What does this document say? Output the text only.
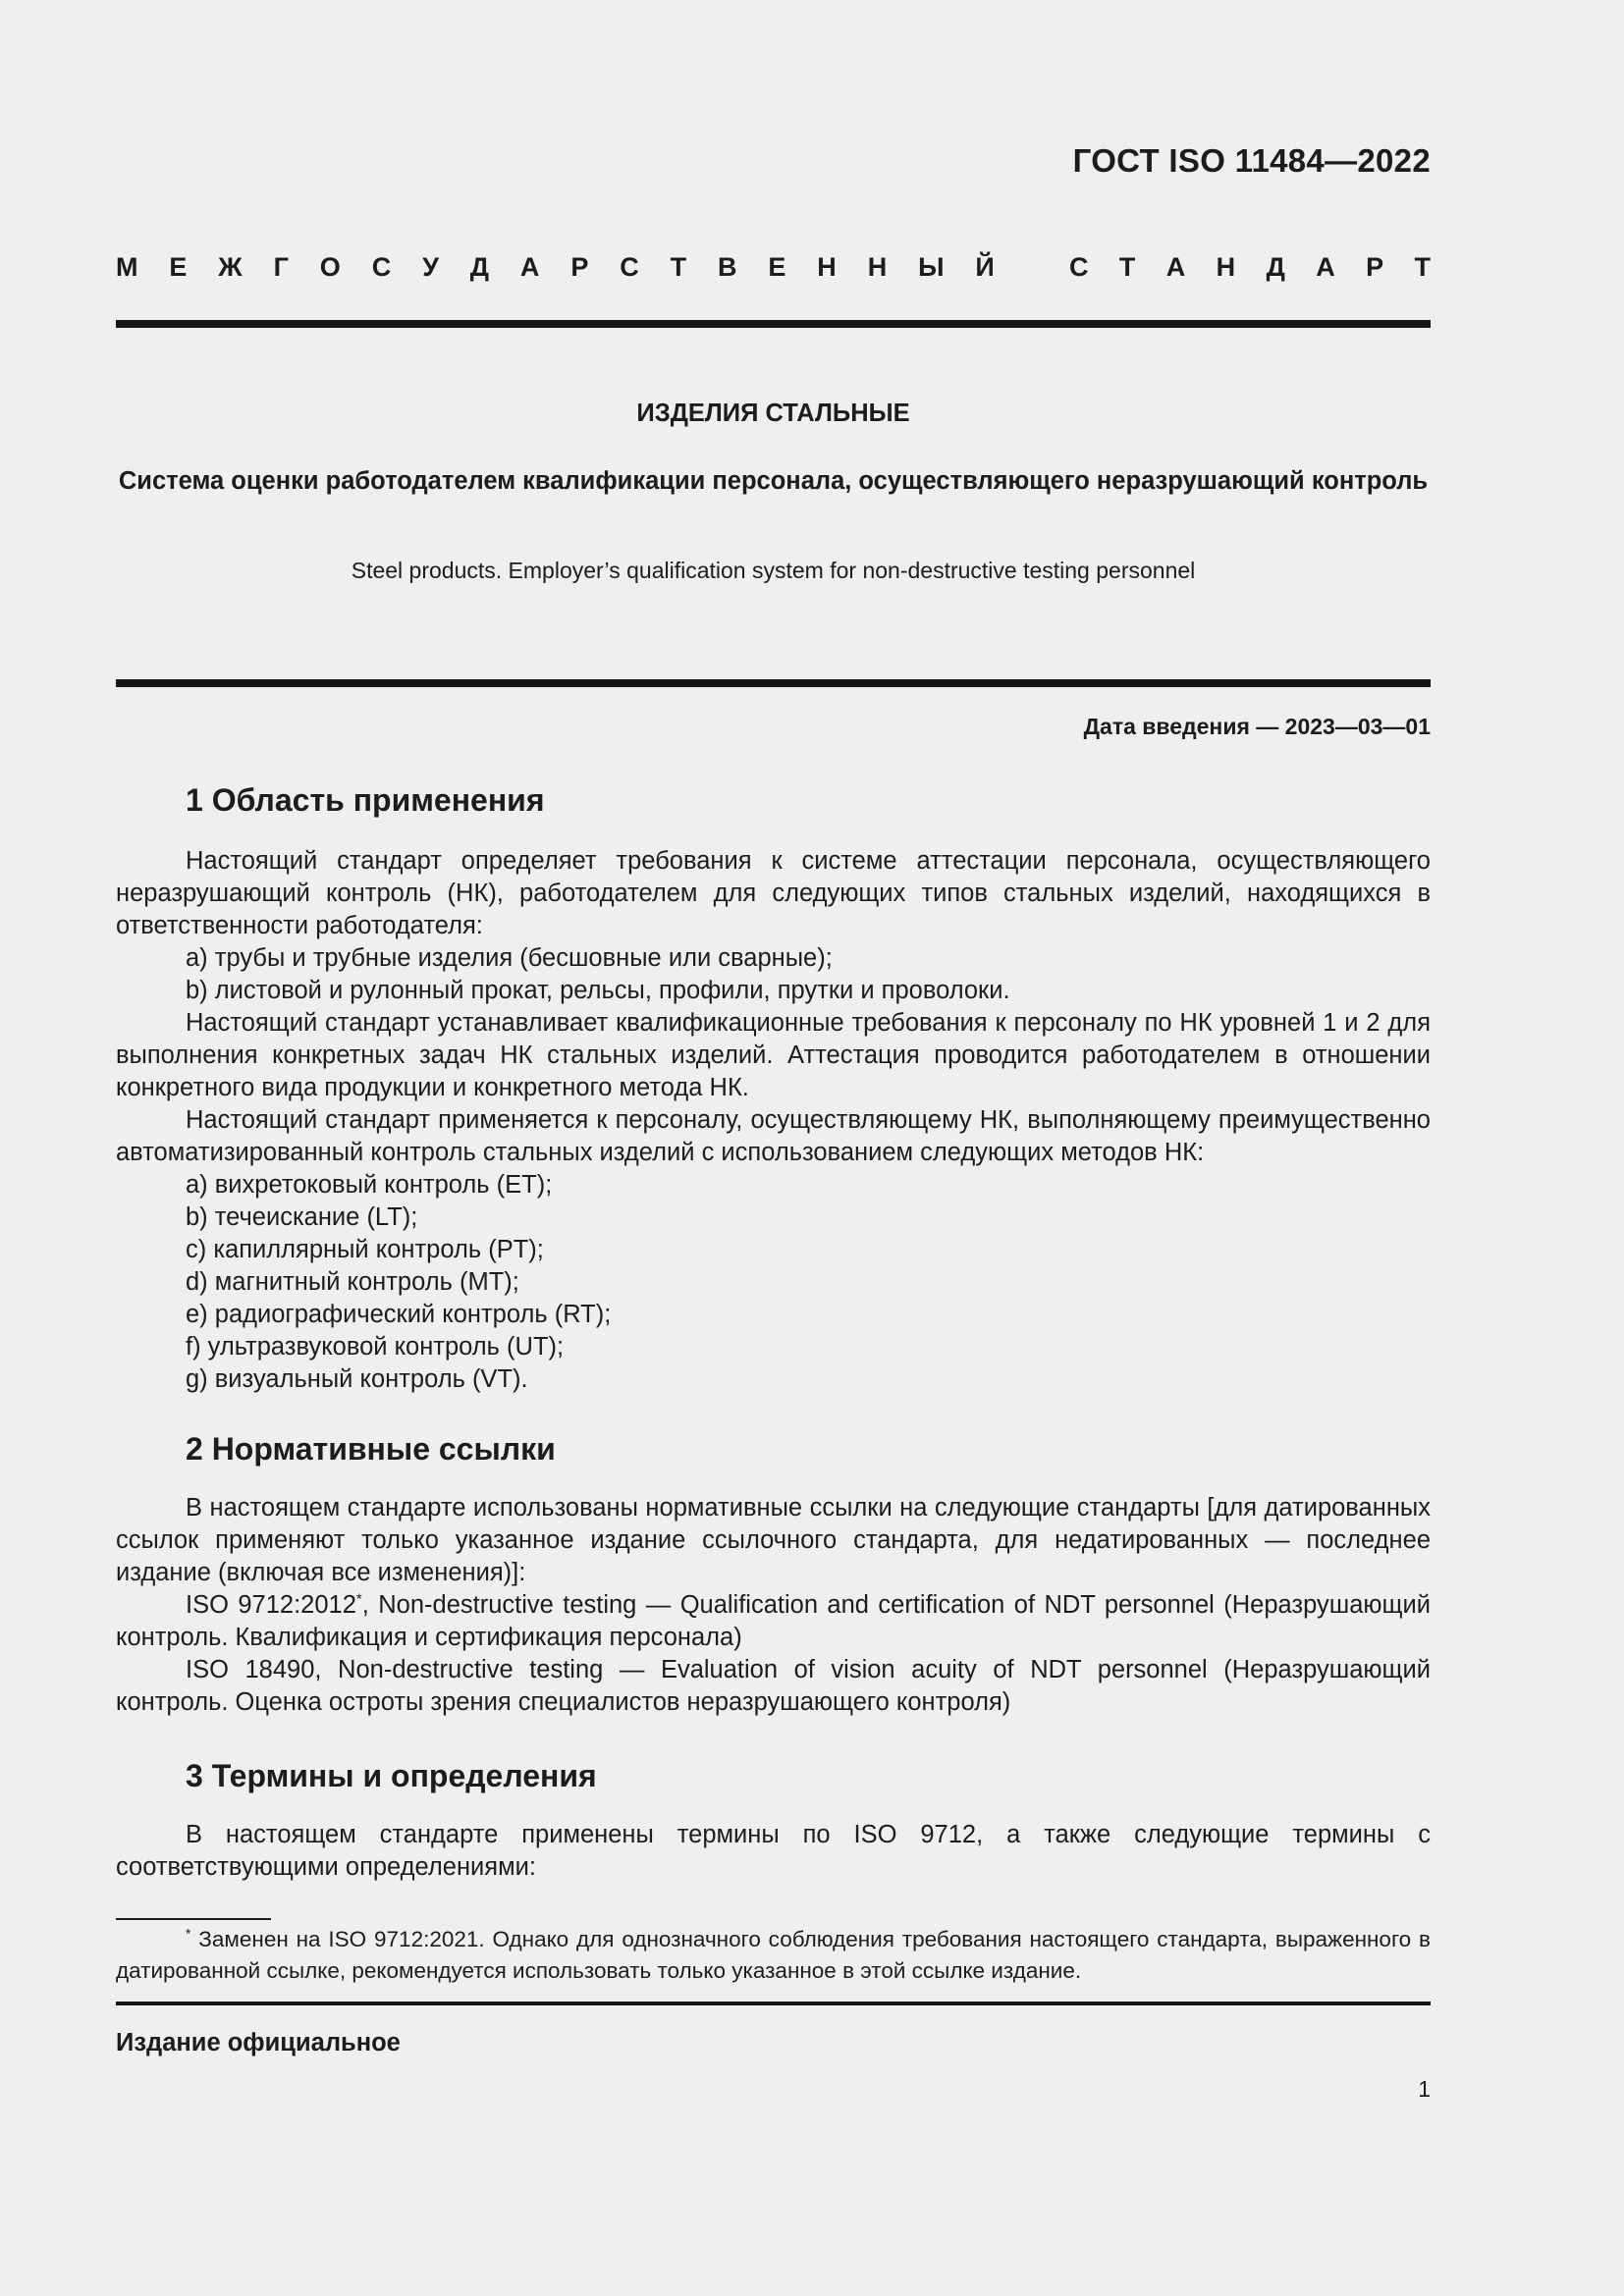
ГОСТ ISO 11484—2022
М Е Ж Г О С У Д А Р С Т В Е Н Н Ы Й	С Т А Н Д А Р Т
ИЗДЕЛИЯ СТАЛЬНЫЕ
Система оценки работодателем квалификации персонала, осуществляющего неразрушающий контроль
Steel products. Employer’s qualification system for non-destructive testing personnel
Дата введения — 2023—03—01
1 Область применения

Настоящий стандарт определяет требования к системе аттестации персонала, осуществляющего неразрушающий контроль (НК), работодателем для следующих типов стальных изделий, находящихся в ответственности работодателя:

а) трубы и трубные изделия (бесшовные или сварные);

b) листовой и рулонный прокат, рельсы, профили, прутки и проволоки.

Настоящий стандарт устанавливает квалификационные требования к персоналу по НК уровней 1 и 2 для выполнения конкретных задач НК стальных изделий. Аттестация проводится работодателем в отношении конкретного вида продукции и конкретного метода НК.

Настоящий стандарт применяется к персоналу, осуществляющему НК, выполняющему преимущественно автоматизированный контроль стальных изделий с использованием следующих методов НК:

а) вихретоковый контроль (ET);

b) течеискание (LT);

c) капиллярный контроль (PT);

d) магнитный контроль (MT);

e) радиографический контроль (RT);

f) ультразвуковой контроль (UT);

g) визуальный контроль (VT).

2 Нормативные ссылки

В настоящем стандарте использованы нормативные ссылки на следующие стандарты [для датированных ссылок применяют только указанное издание ссылочного стандарта, для недатированных — последнее издание (включая все изменения)]:

ISO 9712:2012*, Non-destructive testing — Qualification and certification of NDT personnel (Неразрушающий контроль. Квалификация и сертификация персонала)

ISO 18490, Non-destructive testing — Evaluation of vision acuity of NDT personnel (Неразрушающий контроль. Оценка остроты зрения специалистов неразрушающего контроля)

3 Термины и определения

В настоящем стандарте применены термины по ISO 9712, а также следующие термины с соответствующими определениями:

* Заменен на ISO 9712:2021. Однако для однозначного соблюдения требования настоящего стандарта, выраженного в датированной ссылке, рекомендуется использовать только указанное в этой ссылке издание.
Издание официальное
1
